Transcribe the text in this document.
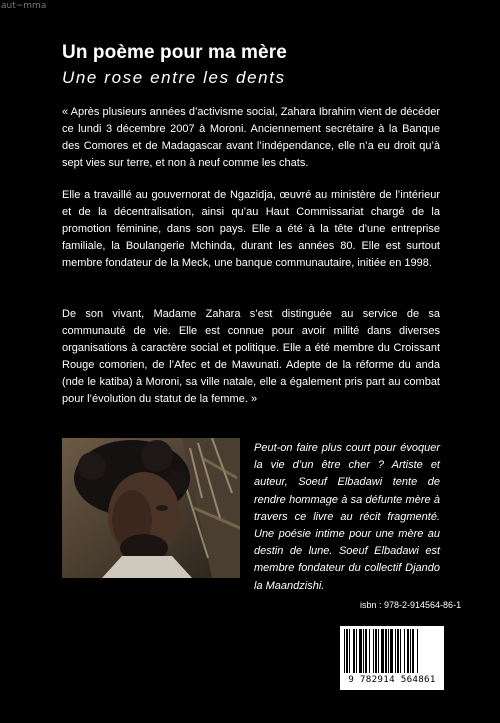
aut~mma
Un poème pour ma mère
Une rose entre les dents

« Après plusieurs années d’activisme social, Zahara Ibrahim vient de décéder ce lundi 3 décembre 2007 à Moroni. Anciennement secrétaire à la Banque des Comores et de Madagascar avant l’indépendance, elle n’a eu droit qu’à sept vies sur terre, et non à neuf comme les chats.

Elle a travaillé au gouvernorat de Ngazidja, œuvré au ministère de l’intérieur et de la décentralisation, ainsi qu’au Haut Commissariat chargé de la promotion féminine, dans son pays. Elle a été à la tête d’une entreprise familiale, la Boulangerie Mchinda, durant les années 80. Elle est surtout membre fondateur de la Meck, une banque communautaire, initiée en 1998.

De son vivant, Madame Zahara s’est distinguée au service de sa communauté de vie. Elle est connue pour avoir milité dans diverses organisations à caractère social et politique. Elle a été membre du Croissant Rouge comorien, de l’Afec et de Mawunati. Adepte de la réforme du anda (nde le katiba) à Moroni, sa ville natale, elle a également pris part au combat pour l’évolution du statut de la femme. »

Peut-on faire plus court pour évoquer la vie d’un être cher ? Artiste et auteur, Soeuf Elbadawi tente de rendre hommage à sa défunte mère à travers ce livre au récit fragmenté. Une poésie intime pour une mère au destin de lune. Soeuf Elbadawi est membre fondateur du collectif Djando la Maandzishi.

isbn : 978-2-914564-86-1
9 782914 564861
